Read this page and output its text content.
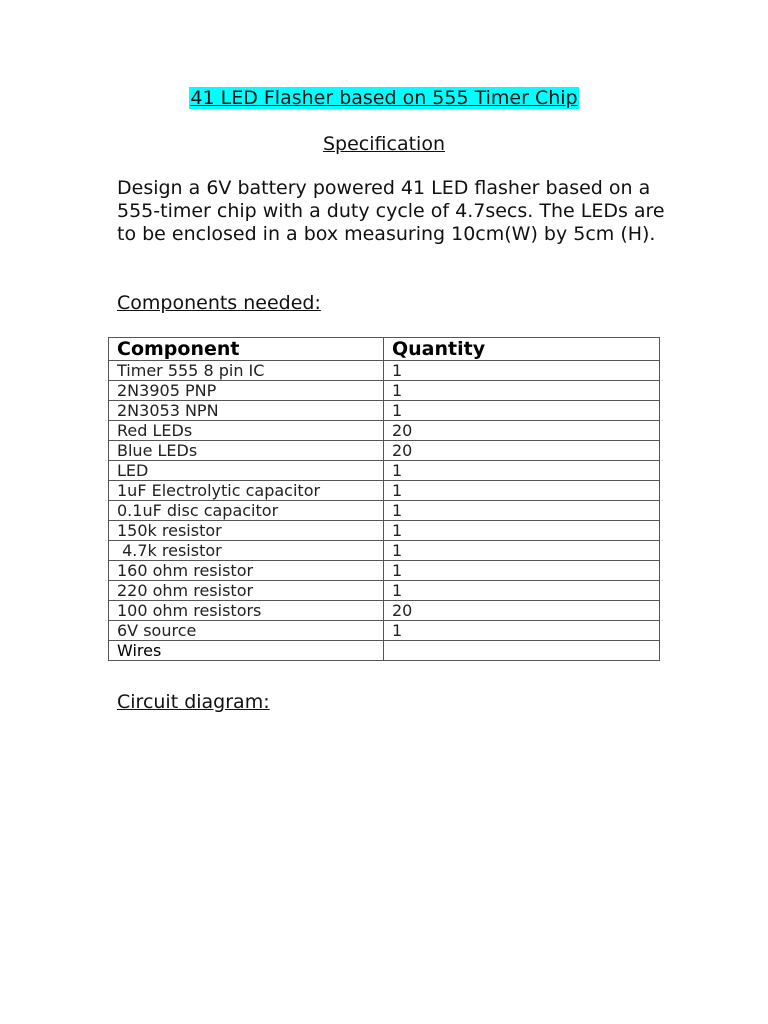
41 LED Flasher based on 555 Timer Chip
Specification

Design a 6V battery powered 41 LED flasher based on a 555-timer chip with a duty cycle of 4.7secs. The LEDs are to be enclosed in a box measuring 10cm(W) by 5cm (H).

Components needed:
Component	Quantity
Timer 555 8 pin IC	1
2N3905 PNP	1
2N3053 NPN	1
Red LEDs	20
Blue LEDs	20
LED	1
1uF Electrolytic capacitor	1
0.1uF disc capacitor	1
150k resistor	1
4.7k resistor	1
160 ohm resistor	1
220 ohm resistor	1
100 ohm resistors	20
6V source	1
Wires	
Circuit diagram:
